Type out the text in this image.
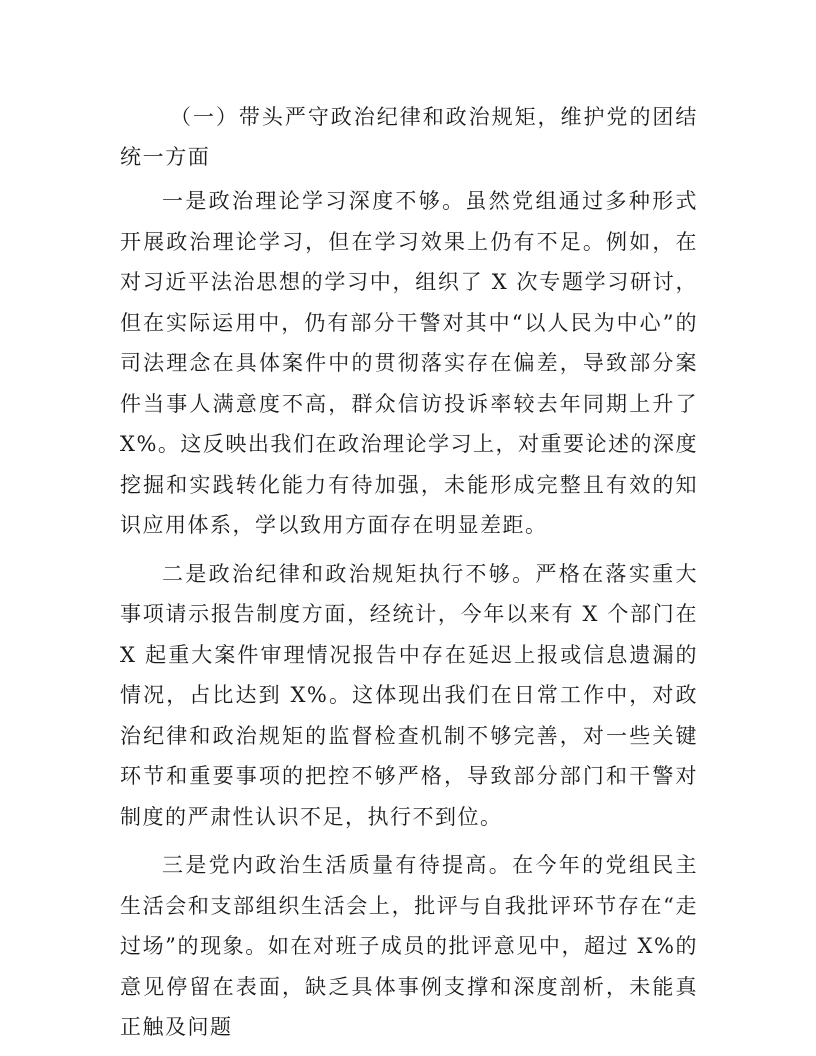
（一）带头严守政治纪律和政治规矩，维护党的团结统一方面

一是政治理论学习深度不够。虽然党组通过多种形式开展政治理论学习，但在学习效果上仍有不足。例如，在对习近平法治思想的学习中，组织了 X 次专题学习研讨，但在实际运用中，仍有部分干警对其中“以人民为中心”的司法理念在具体案件中的贯彻落实存在偏差，导致部分案件当事人满意度不高，群众信访投诉率较去年同期上升了 X%。这反映出我们在政治理论学习上，对重要论述的深度挖掘和实践转化能力有待加强，未能形成完整且有效的知识应用体系，学以致用方面存在明显差距。

二是政治纪律和政治规矩执行不够。严格在落实重大事项请示报告制度方面，经统计，今年以来有 X 个部门在 X 起重大案件审理情况报告中存在延迟上报或信息遗漏的情况，占比达到 X%。这体现出我们在日常工作中，对政治纪律和政治规矩的监督检查机制不够完善，对一些关键环节和重要事项的把控不够严格，导致部分部门和干警对制度的严肃性认识不足，执行不到位。

三是党内政治生活质量有待提高。在今年的党组民主生活会和支部组织生活会上，批评与自我批评环节存在“走过场”的现象。如在对班子成员的批评意见中，超过 X%的意见停留在表面，缺乏具体事例支撑和深度剖析，未能真正触及问题
